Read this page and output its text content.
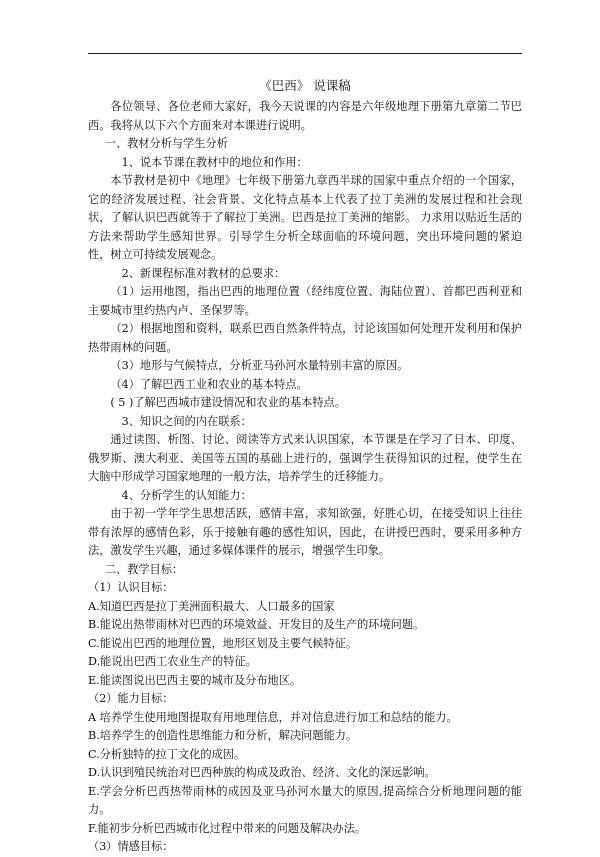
《巴西》 说课稿

各位领导、各位老师大家好，我今天说课的内容是六年级地理下册第九章第二节巴西。我将从以下六个方面来对本课进行说明。

一、教材分析与学生分析

1、说本节课在教材中的地位和作用：

本节教材是初中《地理》七年级下册第九章西半球的国家中重点介绍的一个国家，它的经济发展过程、社会背景、文化特点基本上代表了拉丁美洲的发展过程和社会现状，了解认识巴西就等于了解拉丁美洲。巴西是拉丁美洲的缩影。 力求用以贴近生活的方法来帮助学生感知世界。引导学生分析全球面临的环境问题，突出环境问题的紧迫性，树立可持续发展观念。

2、新课程标准对教材的总要求：

（1）运用地图，指出巴西的地理位置（经纬度位置、海陆位置）、首都巴西利亚和主要城市里约热内卢、圣保罗等。

（2）根据地图和资料，联系巴西自然条件特点，讨论该国如何处理开发利用和保护热带雨林的问题。

（3）地形与气候特点，分析亚马孙河水量特别丰富的原因。

（4）了解巴西工业和农业的基本特点。

( 5 )了解巴西城市建设情况和农业的基本特点。

3、知识之间的内在联系：

通过读图、析图、讨论、阅读等方式来认识国家，本节课是在学习了日本、印度、俄罗斯、澳大利亚、美国等五国的基础上进行的，强调学生获得知识的过程，使学生在大脑中形成学习国家地理的一般方法，培养学生的迁移能力。

4、分析学生的认知能力：

由于初一学年学生思想活跃，感情丰富，求知欲强，好胜心切，在接受知识上往往带有浓厚的感情色彩，乐于接触有趣的感性知识，因此，在讲授巴西时，要采用多种方法，激发学生兴趣，通过多媒体课件的展示，增强学生印象。

二、教学目标：

（1）认识目标：

A.知道巴西是拉丁美洲面积最大、人口最多的国家

B.能说出热带雨林对巴西的环境效益、开发目的及生产的环境问题。

C.能说出巴西的地理位置，地形区划及主要气候特征。

D.能说出巴西工农业生产的特征。

E.能读图说出巴西主要的城市及分布地区。

（2）能力目标：

A 培养学生使用地图提取有用地理信息，并对信息进行加工和总结的能力。

B.培养学生的创造性思维能力和分析，解决问题能力。

C.分析独特的拉丁文化的成因。

D.认识到殖民统治对巴西种族的构成及政治、经济、文化的深远影响。

E.学会分析巴西热带雨林的成因及亚马孙河水量大的原因,提高综合分析地理问题的能力。

F.能初步分析巴西城市化过程中带来的问题及解决办法。

（3）情感目标：
